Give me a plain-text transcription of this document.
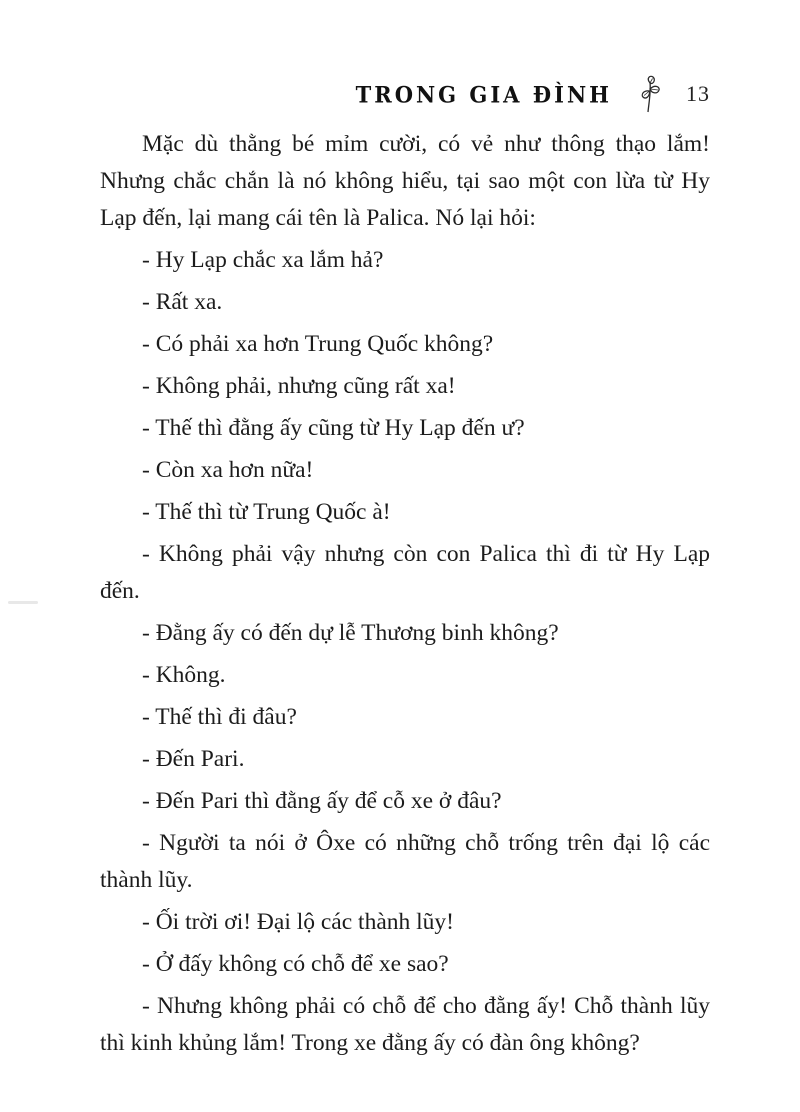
TRONG GIA ĐÌNH	13

Mặc dù thằng bé mỉm cười, có vẻ như thông thạo lắm! Nhưng chắc chắn là nó không hiểu, tại sao một con lừa từ Hy Lạp đến, lại mang cái tên là Palica. Nó lại hỏi:

- Hy Lạp chắc xa lắm hả?

- Rất xa.

- Có phải xa hơn Trung Quốc không?

- Không phải, nhưng cũng rất xa!

- Thế thì đằng ấy cũng từ Hy Lạp đến ư?

- Còn xa hơn nữa!

- Thế thì từ Trung Quốc à!

- Không phải vậy nhưng còn con Palica thì đi từ Hy Lạp đến.

- Đằng ấy có đến dự lễ Thương binh không?

- Không.

- Thế thì đi đâu?

- Đến Pari.

- Đến Pari thì đằng ấy để cỗ xe ở đâu?

- Người ta nói ở Ôxe có những chỗ trống trên đại lộ các thành lũy.

- Ối trời ơi! Đại lộ các thành lũy!

- Ở đấy không có chỗ để xe sao?

- Nhưng không phải có chỗ để cho đằng ấy! Chỗ thành lũy thì kinh khủng lắm! Trong xe đằng ấy có đàn ông không?
